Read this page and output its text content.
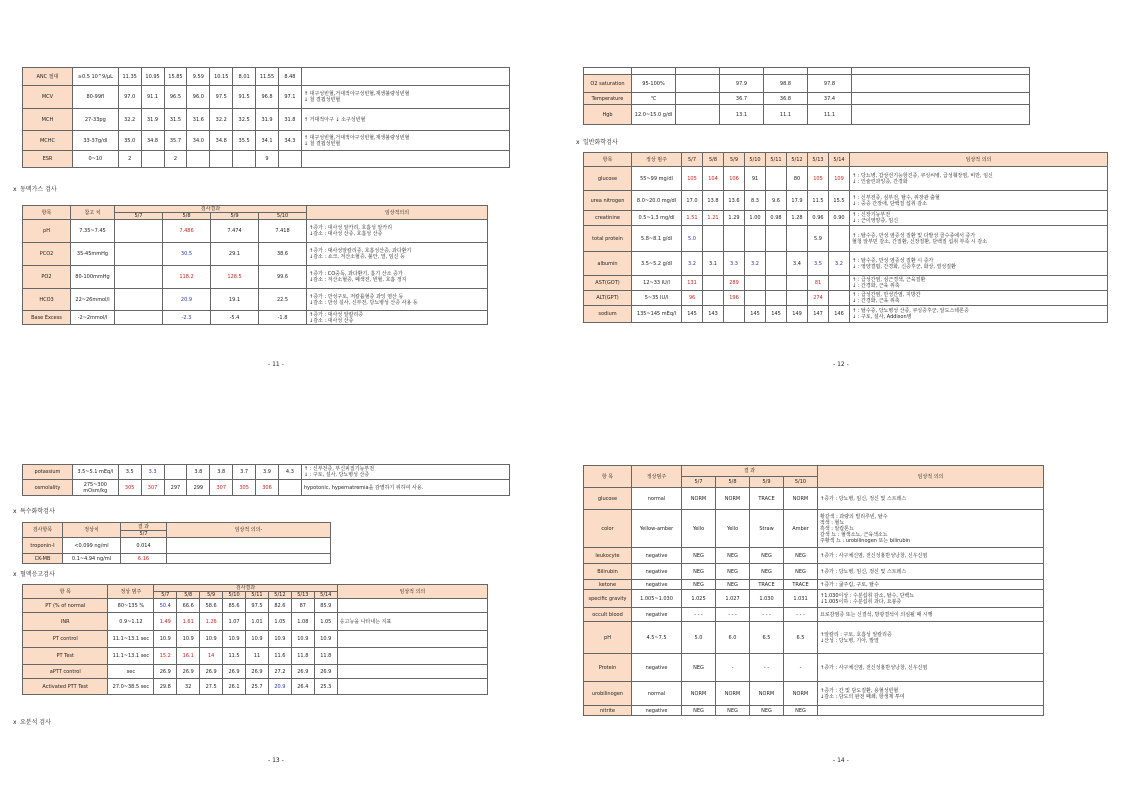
ANC 절대	≥0.5 10^9/μL	11.35	10.95	15.85	9.59	10.15	8.01	11.55	8.48	
MCV	80-99fl	97.0	91.1	96.5	96.0	97.5	91.5	96.8	97.1	↑ 대구성빈혈,거대적아구성빈혈,재생불량성빈혈
↓ 철 결핍성빈혈
MCH	27-33pg	32.2	31.9	31.5	31.6	32.2	32.5	31.9	31.8	↑ 거대적아구 ↓ 소구성빈혈
MCHC	33-37g/dl	35.0	34.8	35.7	34.0	34.8	35.5	34.1	34.3	↑ 대구성빈혈,거대적아구성빈혈,재생불량성빈혈
↓ 철 결핍성빈혈
ESR	0~10	2		2				9		
x 동맥가스 검사
항목	참고 치	검사결과				임상적의의
		5/7	5/8	5/9	5/10	
pH	7.35~7.45		7.486	7.474	7.418	↑증가 : 대사성 알카리, 호흡성 알카리
↓감소 : 대사성 산증, 호흡성 산증
PCO2	35-45mmHg		30.5	29.1	38.6	↑증가 : 대사성알칼리증, 호흡성산증, 과다환기
↓감소 : 쇼크, 저산소혈증, 불안, 열, 임신 등
PO2	80-100mmHg		118.2	128.5	99.6	↑증가 : CO중독, 과다환기, 흡기 산소 증가
↓감소 : 저산소혈증, 폐색전, 빈혈, 호흡 정지
HCO3	22~26mmol/l		20.9	19.1	22.5	↑증가 : 만성구토, 저칼륨혈증 과잉 염산 등
↓감소 : 만성 설사, 신부전, 당뇨병성 산증 사용 등
Base Excess	-2~2mmol/l		-2.3	-5.4	-1.8	↑증가 : 대사성 알칼리증
↓감소 : 대사성 산증
- 11 -

O2 saturation	95-100%		97.9	98.8	97.8		
Temperature	℃		36.7	36.8	37.4		
Hgb	12.0~15.0 g/dl		13.1	11.1	11.1		
x 일반화학검사
항목	정상 범주	5/7	5/8	5/9	5/10	5/11	5/12	5/13	5/14	임상적 의의
glucose	55~99 mg/dl	105	104	106	91		80	105	109	↑ : 당뇨병, 갑상선기능항진증, 쿠싱씨병, 급성췌장염, 비만, 임신
↓ : 인슐린과잉증, 간경화
urea nitrogen	8.0~20.0 mg/dl	17.0	13.8	13.6	8.3	9.6	17.9	11.5	15.5	↑ : 신부전증, 심부전, 탈수, 위장관 출혈
↓ : 중증 간장애, 단백질 섭취 감소
creatinine	0.5~1.3 mg/dl	1.51	1.21	1.29	1.00	0.98	1.28	0.96	0.90	↑ : 신장기능부전
↓ : 근이영양증, 임신
total protein	5.8~8.1 g/dl	5.0						5.9		↑ : 탈수증, 만성 염증성 질환 및 다발성 골수종에서 증가
혈청 알부민 감소, 간질환, 신장질환, 단백질 섭취 부족 시 감소
albumin	3.5~5.2 g/dl	3.2	3.1	3.3	3.2		3.4	3.5	3.2	↑ : 탈수증, 만성 염증성 질환 시 증가
↓ : 영양결핍, 간경화, 신증후군, 화상, 열성질환
AST(GOT)	12~33 IU/l	131		289				81		↑ : 급성간염, 심근경색, 근육질환
↓ : 간경화, 근육 위축
ALT(GPT)	5~35 IU/l	96		196				274		↑ : 급성간염, 만성간염, 지방간
↓ : 간경화, 근육 위축
sodium	135~145 mEq/l	145	143		145	145	149	147	146	↑ : 탈수증, 당뇨병성 산증, 쿠싱증후군, 알도스테론증
↓ : 구토, 설사, Addison병
- 12 -
potassium	3.5~5.1 mEq/l	3.5	3.3		3.8	3.8	3.7	3.9	4.3	↑ : 신부전증, 부신피질기능부전
↓ : 구토, 설사, 당뇨병성 산증
osmolality	275~300 mOsm/kg	305	307	297	299	307	305	306		hypotonic, hypernatremia을 감별하기 위하여 사용.
x 특수화학검사
검사항목	정상치	결 과	임상적 의의-
		5/7	
troponin-I	<0.099 ng/ml	0.014	
CK-MB	0.1~4.94 ng/ml	6.16	
x 혈액응고검사
항 목	정상 범주	검사결과								임상적 의의
		5/7	5/8	5/9	5/10	5/11	5/12	5/13	5/14	
PT (% of normal	80~135 %	50.4	66.6	58.6	85.6	97.5	82.6	87	85.9	
INR	0.9~1.12	1.49	1.61	1.26	1.07	1.01	1.05	1.08	1.05	응고능을 나타내는 지표
PT control	11.1~13.1 sec	10.9	10.9	10.9	10.9	10.9	10.9	10.9	10.9	
PT Test	11.1~13.1 sec	15.2	16.1	14	11.5	11	11.6	11.8	11.8	
aPTT control	sec	26.9	26.9	26.9	26.9	26.9	27.2	26.9	26.9	
Activated PTT Test	27.0~38.5 sec	29.8	32	27.5	26.1	25.7	20.9	26.4	25.3	
x 요분석 검사
- 13 -
항 목	정상범주	결 과				임상적 의의
		5/7	5/8	5/9	5/10	
glucose	normal	NORM	NORM	TRACE	NORM	↑증가 : 당뇨병, 임신, 정신 및 스트레스
color	Yellow-amber	Yello	Yello	Straw	Amber	황갈색 : 과량의 빌리루빈, 탈수
적색 : 혈뇨
흑색 : 알캅톤뇨
갈색 뇨 : 혈색소뇨, 근육색소뇨
주황색 뇨 : urobilinogen 또는 bilirubin
leukocyte	negative	NEG	NEG	NEG	NEG	↑증가 : 사구체신염, 전신성홍반성낭창, 신우신염
Bilirubin	negative	NEG	NEG	NEG	NEG	↑증가 : 당뇨병, 임신, 정신 및 스트레스
ketone	negative	NEG	NEG	TRACE	TRACE	↑증가 : 굶주림, 구토, 탈수
specific gravity	1.005~1.030	1.025	1.027	1.030	1.031	↑1.030이상 : 수분섭취 감소, 탈수, 단백뇨
↓1.005이하 : 수분섭취 과다, 요붕증
occult blood	negative	- - -	- - -	- - -	- - -	요로감염증 또는 신결석, 방광결석이 의심될 때 시행
pH	4.5~7.5	5.0	6.0	6.5	6.5	↑알칼리 : 구토, 호흡성 알칼리증
↓산성 : 당뇨병, 기아, 발열
Protein	negative	NEG	-	- -	-	↑증가 : 사구체신염, 전신성홍반성낭창, 신우신염
urobilinogen	normal	NORM	NORM	NORM	NORM	↑증가 : 간 및 담도질환, 용혈성빈혈
↓감소 : 담도의 완전 폐쇄, 항생제 투여
nitrite	negative	NEG	NEG	NEG	NEG	
- 14 -
